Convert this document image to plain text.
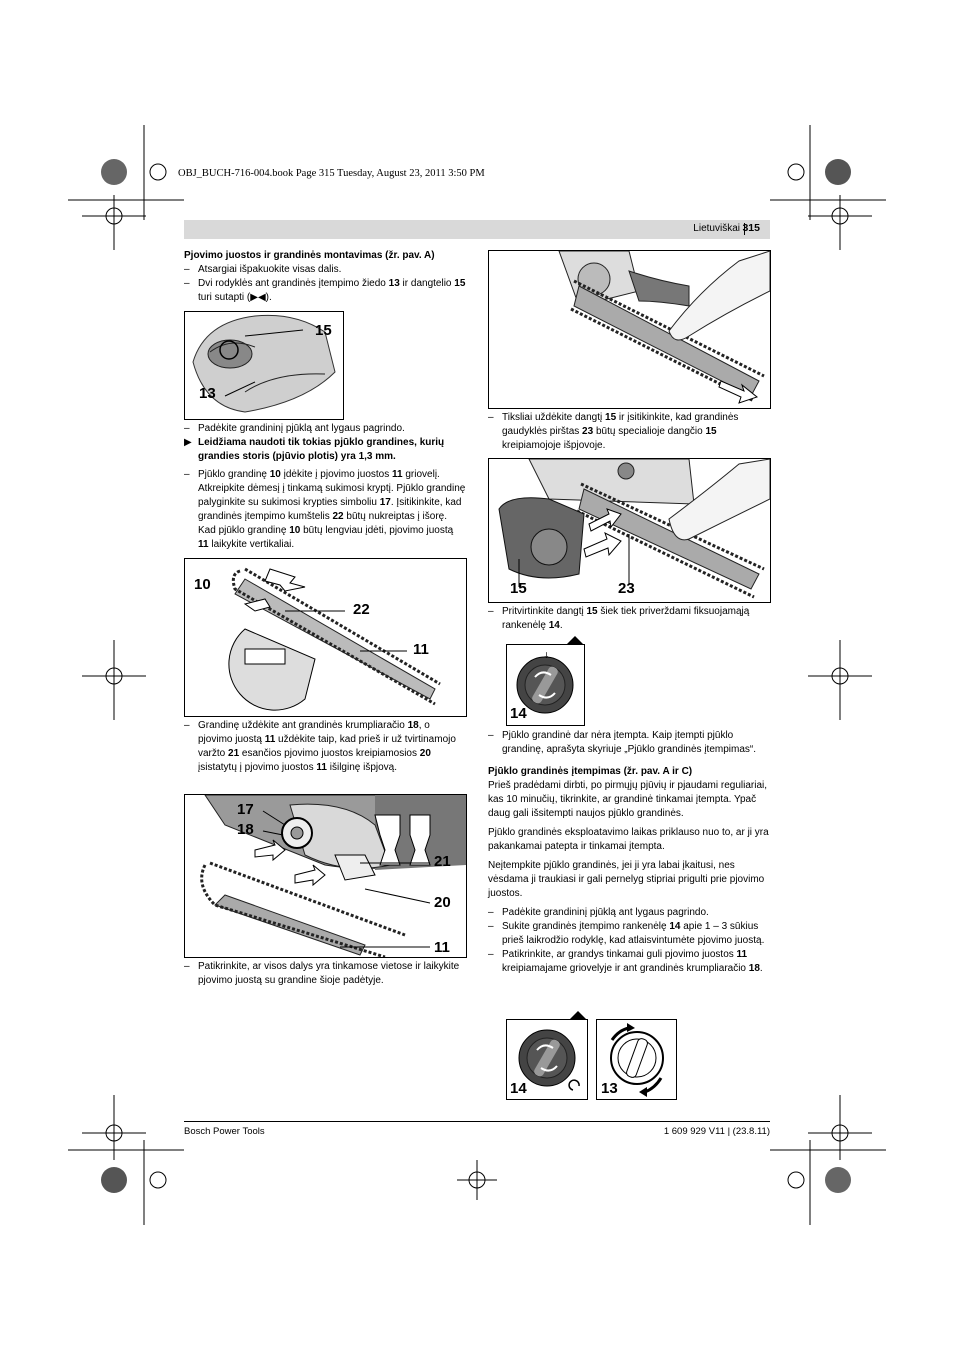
OBJ_BUCH-716-004.book Page 315 Tuesday, August 23, 2011 3:50 PM
Lietuviškai 315
Pjovimo juostos ir grandinės montavimas (žr. pav. A)
– Atsargiai išpakuokite visas dalis.
– Dvi rodyklės ant grandinės įtempimo žiedo 13 ir dangtelio 15 turi sutapti (▶◀).
15
13
– Padėkite grandininį pjūklą ant lygaus pagrindo.
▶ Leidžiama naudoti tik tokias pjūklo grandines, kurių grandies storis (pjūvio plotis) yra 1,3 mm.
– Pjūklo grandinę 10 įdėkite į pjovimo juostos 11 griovelį. Atkreipkite dėmesį į tinkamą sukimosi kryptį. Pjūklo grandinę palyginkite su sukimosi krypties simboliu 17. Įsitikinkite, kad grandinės įtempimo kumštelis 22 būtų nukreiptas į išorę. Kad pjūklo grandinę 10 būtų lengviau įdėti, pjovimo juostą 11 laikykite vertikaliai.
10
22
11
– Grandinę uždėkite ant grandinės krumpliaračio 18, o pjovimo juostą 11 uždėkite taip, kad prieš ir už tvirtinamojo varžto 21 esančios pjovimo juostos kreipiamosios 20 įsistatytų į pjovimo juostos 11 išilginę išpjovą.
17
18
21
20
11
– Patikrinkite, ar visos dalys yra tinkamose vietose ir laikykite pjovimo juostą su grandine šioje padėtyje.
– Tiksliai uždėkite dangtį 15 ir įsitikinkite, kad grandinės gaudyklės pirštas 23 būtų specialioje dangčio 15 kreipiamojoje išpjovoje.
15	23
– Pritvirtinkite dangtį 15 šiek tiek priverždami fiksuojamąją rankenėlę 14.
↓
14
– Pjūklo grandinė dar nėra įtempta. Kaip įtempti pjūklo grandinę, aprašyta skyriuje „Pjūklo grandinės įtempimas“.
Pjūklo grandinės įtempimas (žr. pav. A ir C)
Prieš pradėdami dirbti, po pirmųjų pjūvių ir pjaudami reguliariai, kas 10 minučių, tikrinkite, ar grandinė tinkamai įtempta. Ypač daug gali išsitempti naujos pjūklo grandinės.
Pjūklo grandinės eksploatavimo laikas priklauso nuo to, ar ji yra pakankamai patepta ir tinkamai įtempta.
Neįtempkite pjūklo grandinės, jei ji yra labai įkaitusi, nes vėsdama ji traukiasi ir gali pernelyg stipriai prigulti prie pjovimo juostos.
– Padėkite grandininį pjūklą ant lygaus pagrindo.
– Sukite grandinės įtempimo rankenėlę 14 apie 1 – 3 sūkius prieš laikrodžio rodyklę, kad atlaisvintumėte pjovimo juostą.
– Patikrinkite, ar grandys tinkamai guli pjovimo juostos 11 kreipiamajame griovelyje ir ant grandinės krumpliaračio 18.
14	13
Bosch Power Tools	1 609 929 V11 | (23.8.11)
